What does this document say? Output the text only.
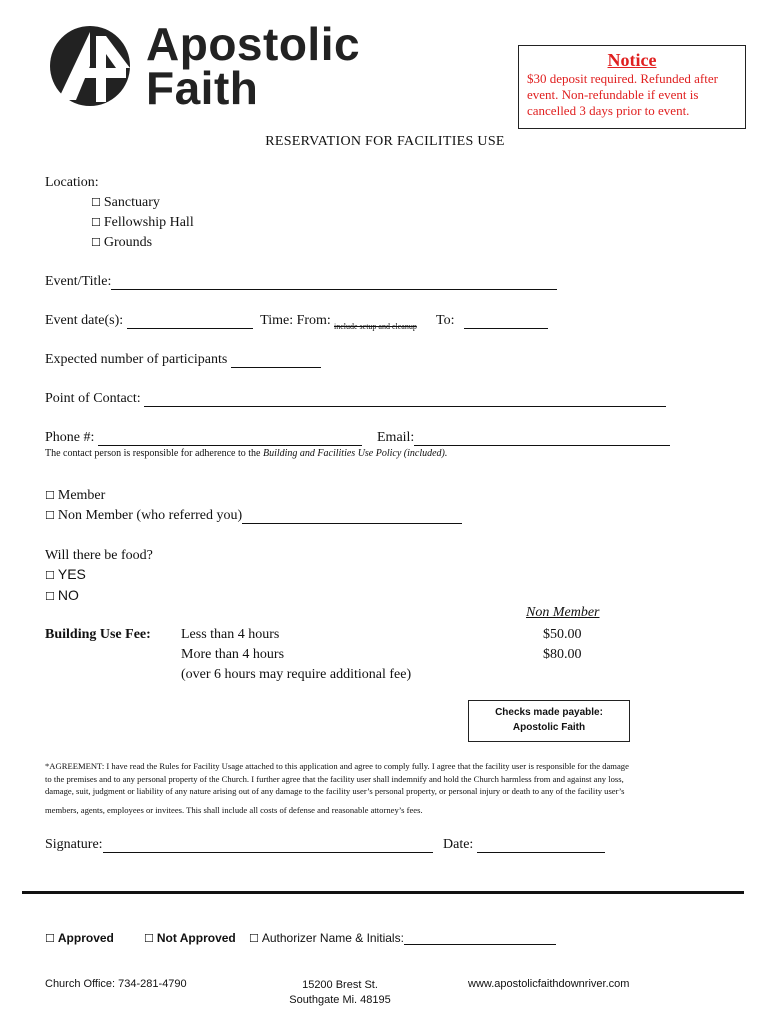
Apostolic
Faith
Notice
$30 deposit required. Refunded after event. Non-refundable if event is cancelled 3 days prior to event.
RESERVATION FOR FACILITIES USE
Location:
☐ Sanctuary
☐ Fellowship Hall
☐ Grounds
Event/Title:
Event date(s):	Time: From: include setup and cleanup To:
Expected number of participants
Point of Contact:
Phone #:	Email:
The contact person is responsible for adherence to the Building and Facilities Use Policy (included).
☐ Member
☐ Non Member (who referred you)
Will there be food?
☐ YES
☐ NO
Non Member
Building Use Fee: Less than 4 hours	$50.00
More than 4 hours	$80.00
(over 6 hours may require additional fee)
Checks made payable:
Apostolic Faith
*AGREEMENT: I have read the Rules for Facility Usage attached to this application and agree to comply fully. I agree that the facility user is responsible for the damage
to the premises and to any personal property of the Church. I further agree that the facility user shall indemnify and hold the Church harmless from and against any loss,
damage, suit, judgment or liability of any nature arising out of any damage to the facility user’s personal property, or personal injury or death to any of the facility user’s
members, agents, employees or invitees. This shall include all costs of defense and reasonable attorney’s fees.
Signature:	Date:
☐ Approved	☐ Not Approved ☐ Authorizer Name & Initials:
Church Office: 734-281-4790	15200 Brest St.
Southgate Mi. 48195
www.apostolicfaithdownriver.com
